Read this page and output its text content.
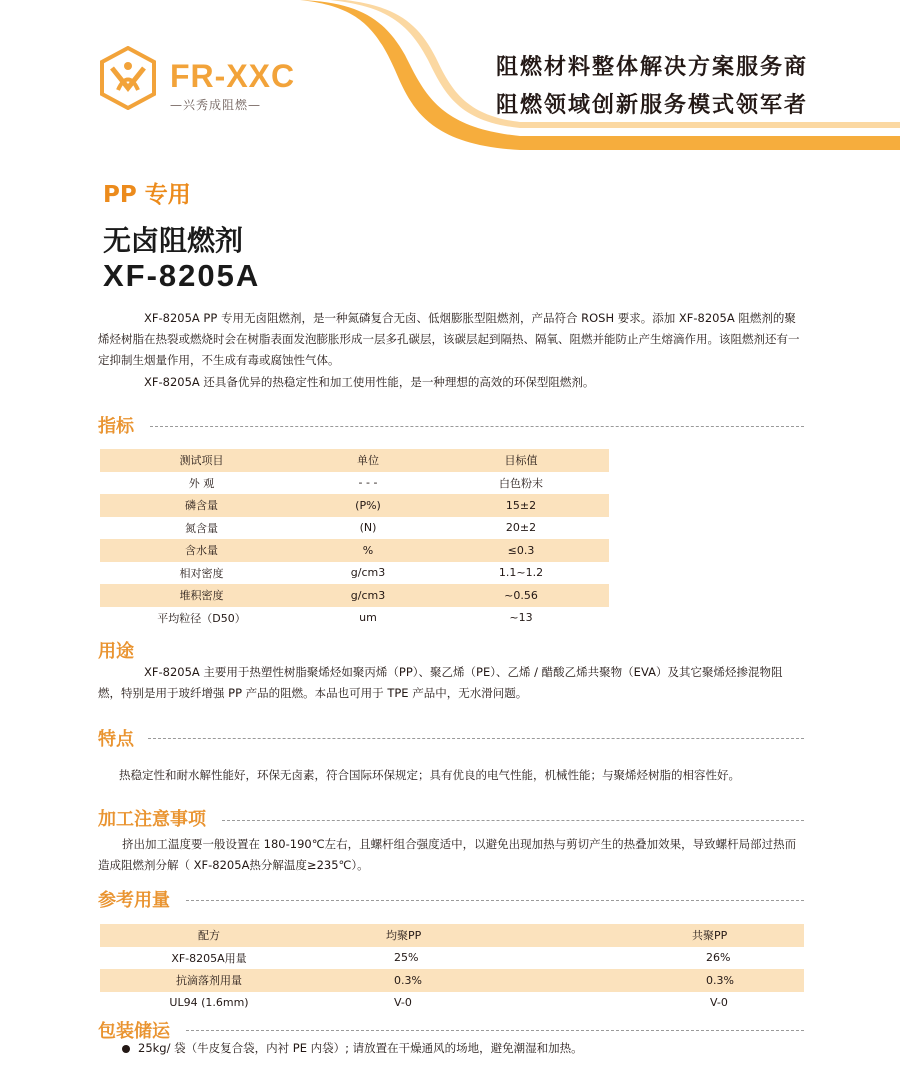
FR-XXC
—兴秀成阻燃—
阻燃材料整体解决方案服务商
阻燃领域创新服务模式领军者
PP 专用
无卤阻燃剂
XF-8205A
XF-8205A PP 专用无卤阻燃剂，是一种氮磷复合无卤、低烟膨胀型阻燃剂，产品符合 ROSH 要求。添加 XF-8205A 阻燃剂的聚烯烃树脂在热裂或燃烧时会在树脂表面发泡膨胀形成一层多孔碳层，该碳层起到隔热、隔氧、阻燃并能防止产生熔滴作用。该阻燃剂还有一定抑制生烟量作用，不生成有毒或腐蚀性气体。
XF-8205A 还具备优异的热稳定性和加工使用性能，是一种理想的高效的环保型阻燃剂。
指标
测试项目	单位	目标值
外 观	- - -	白色粉末
磷含量	(P%)	15±2
氮含量	(N)	20±2
含水量	%	≤0.3
相对密度	g/cm3	1.1~1.2
堆积密度	g/cm3	~0.56
平均粒径（D50）	um	~13
用途
XF-8205A 主要用于热塑性树脂聚烯烃如聚丙烯（PP）、聚乙烯（PE）、乙烯 / 醋酸乙烯共聚物（EVA）及其它聚烯烃掺混物阻燃，特别是用于玻纤增强 PP 产品的阻燃。本品也可用于 TPE 产品中，无水滑问题。
特点
热稳定性和耐水解性能好，环保无卤素，符合国际环保规定；具有优良的电气性能，机械性能；与聚烯烃树脂的相容性好。
加工注意事项
挤出加工温度要一般设置在 180-190℃左右，且螺杆组合强度适中，以避免出现加热与剪切产生的热叠加效果，导致螺杆局部过热而造成阻燃剂分解（ XF-8205A热分解温度≥235℃）。
参考用量
配方	均聚PP	共聚PP
XF-8205A用量	25%	26%
抗滴落剂用量	0.3%	0.3%
UL94 (1.6mm)	V-0	V-0
包装储运
25kg/ 袋（牛皮复合袋，内衬 PE 内袋）; 请放置在干燥通风的场地，避免潮湿和加热。
